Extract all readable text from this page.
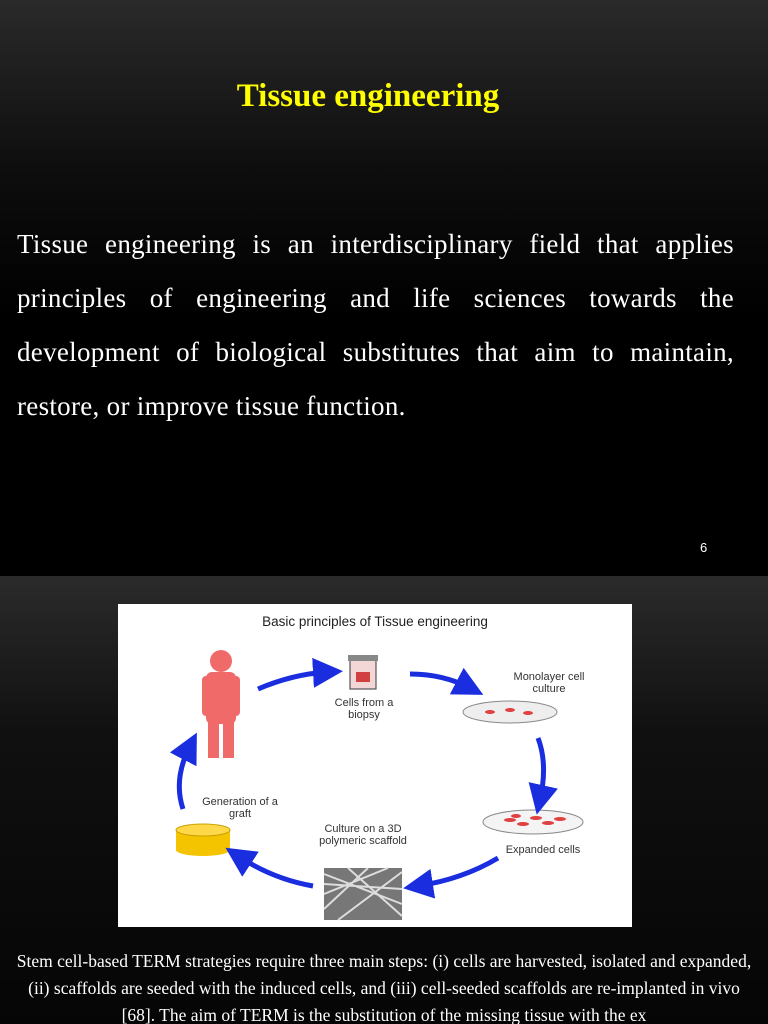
Tissue engineering
Tissue engineering is an interdisciplinary field that applies principles of engineering and life sciences towards the development of biological substitutes that aim to maintain, restore, or improve tissue function.
6
Basic principles of Tissue engineering
Cells from a biopsy
Monolayer cell culture
Expanded cells
Culture on a 3D polymeric scaffold
Generation of a graft
Stem cell-based TERM strategies require three main steps: (i) cells are harvested, isolated and expanded, (ii) scaffolds are seeded with the induced cells, and (iii) cell-seeded scaffolds are re-implanted in vivo [68]. The aim of TERM is the substitution of the missing tissue with the ex
